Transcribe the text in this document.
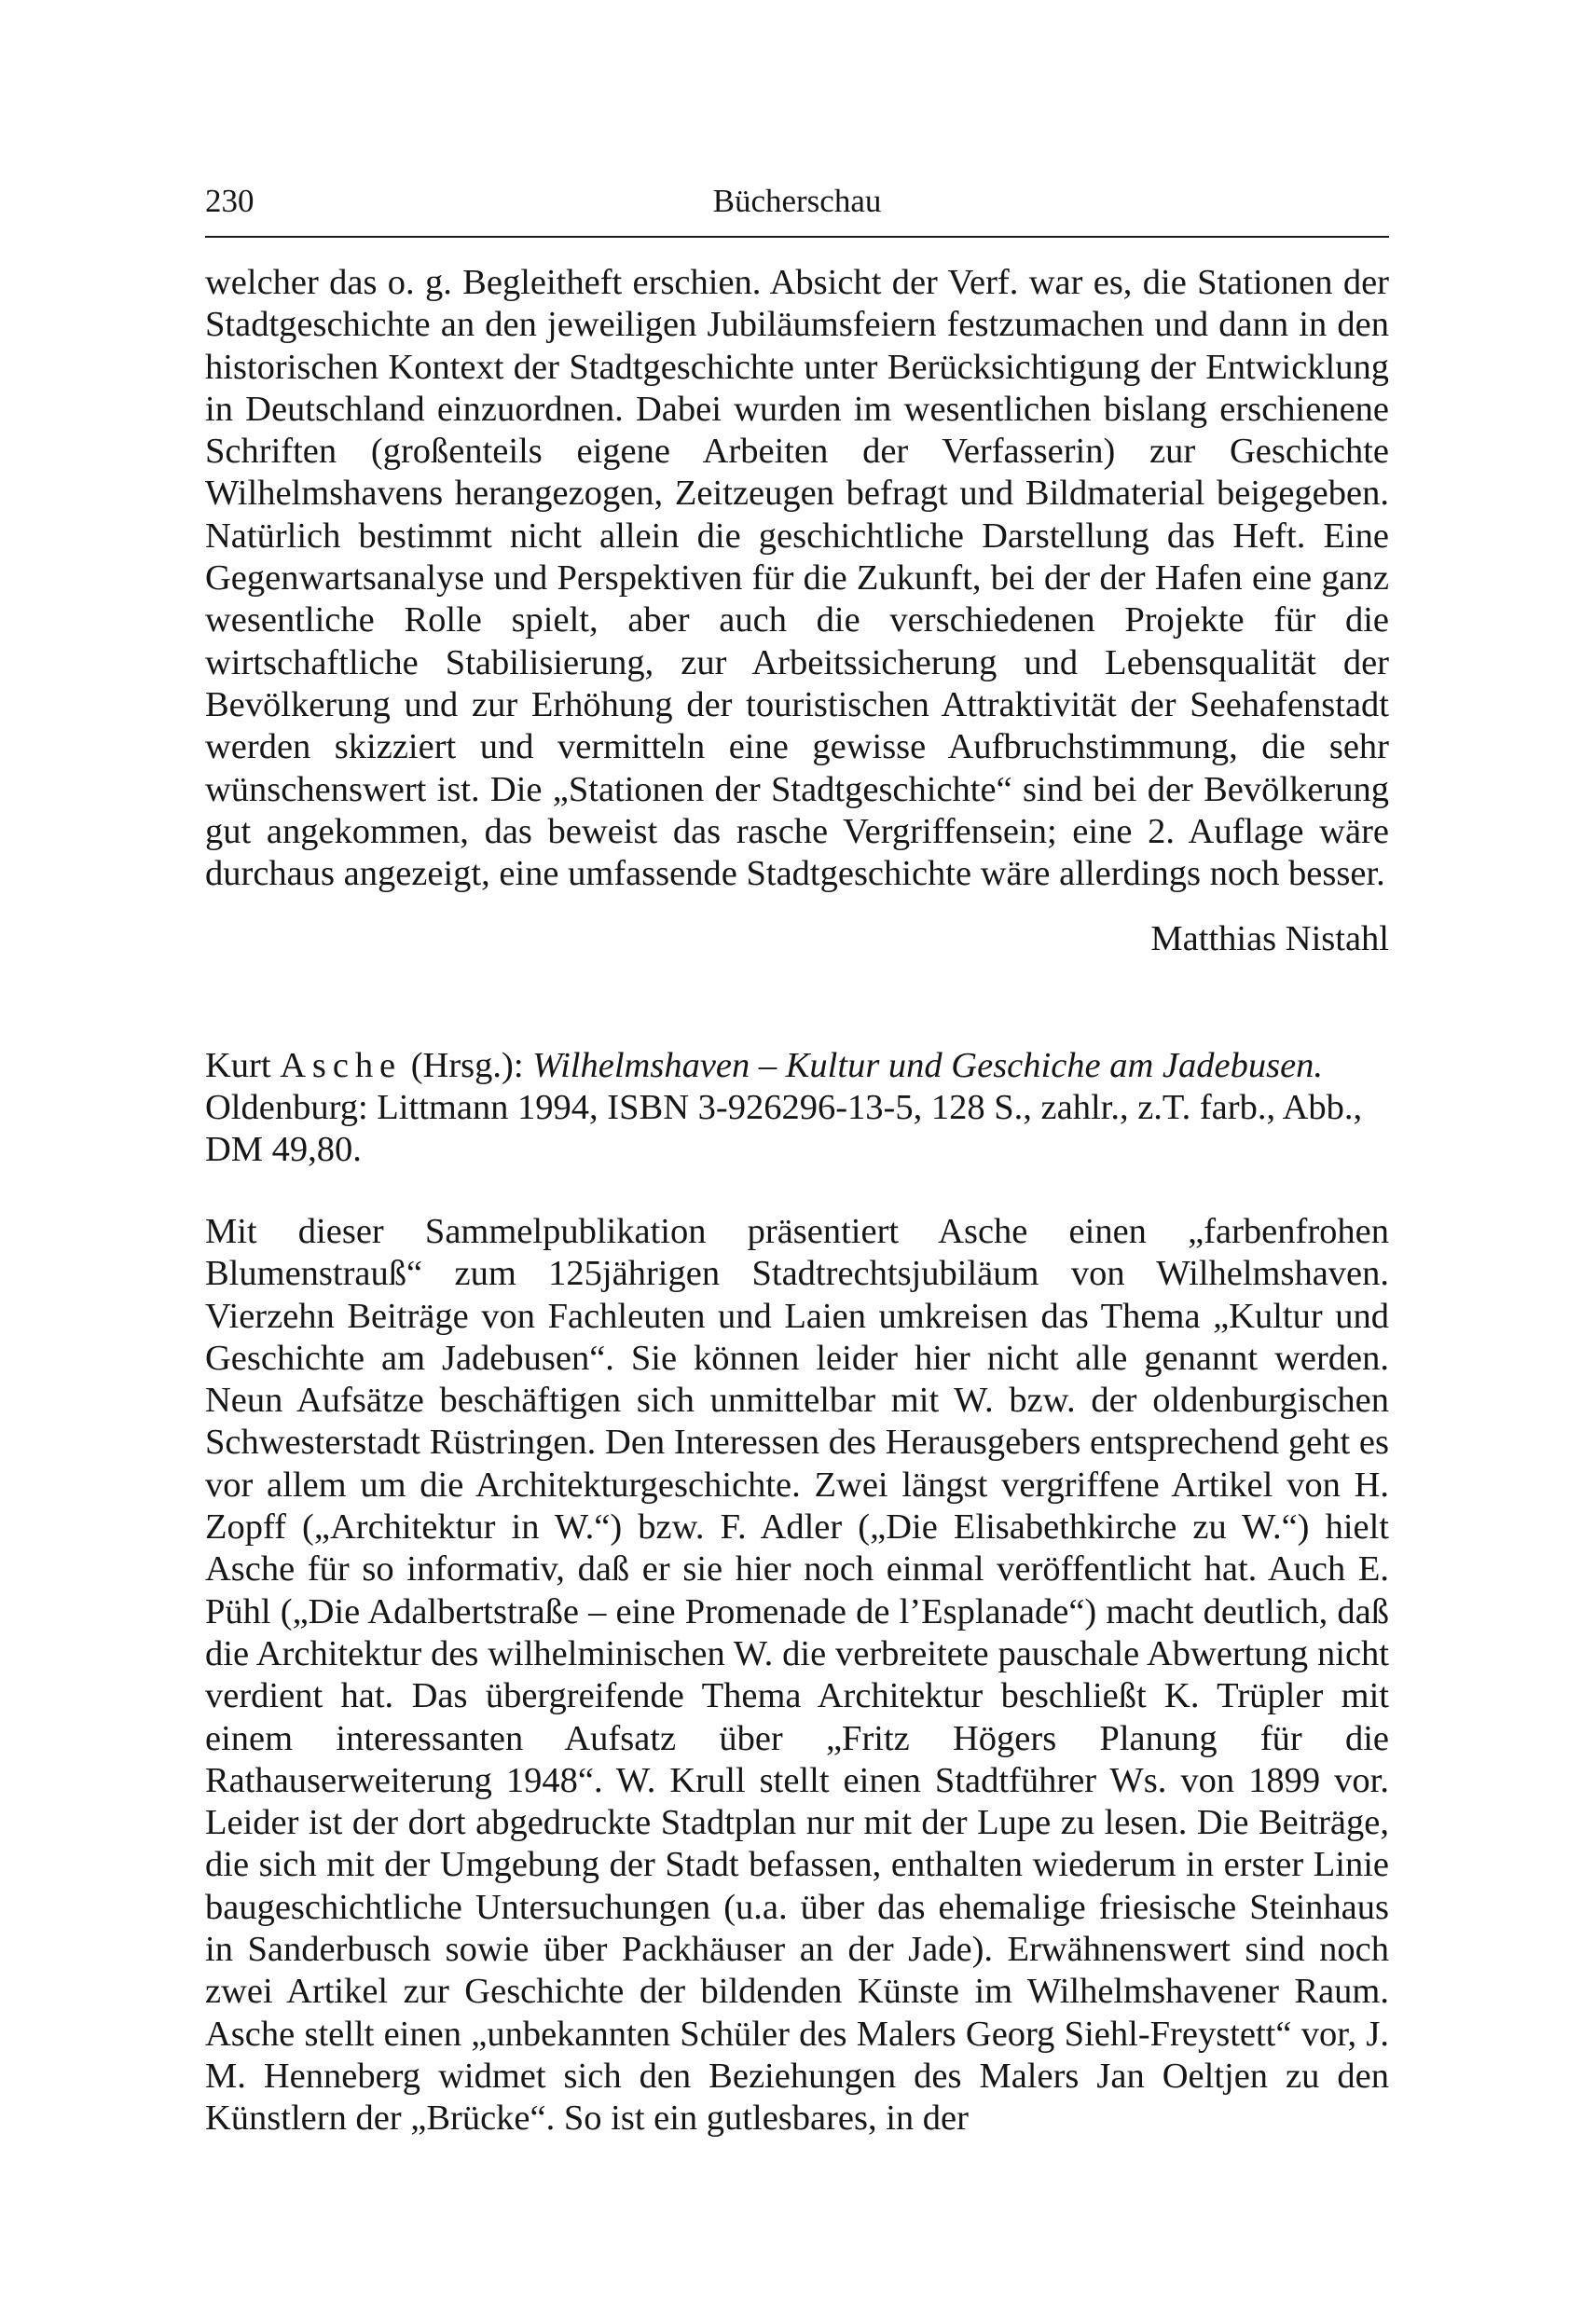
230	Bücherschau
welcher das o. g. Begleitheft erschien. Absicht der Verf. war es, die Stationen der Stadtgeschichte an den jeweiligen Jubiläumsfeiern festzumachen und dann in den historischen Kontext der Stadtgeschichte unter Berücksichtigung der Entwicklung in Deutschland einzuordnen. Dabei wurden im wesentlichen bislang erschienene Schriften (großenteils eigene Arbeiten der Verfasserin) zur Geschichte Wilhelmshavens herangezogen, Zeitzeugen befragt und Bildmaterial beigegeben. Natürlich bestimmt nicht allein die geschichtliche Darstellung das Heft. Eine Gegenwartsanalyse und Perspektiven für die Zukunft, bei der der Hafen eine ganz wesentliche Rolle spielt, aber auch die verschiedenen Projekte für die wirtschaftliche Stabilisierung, zur Arbeitssicherung und Lebensqualität der Bevölkerung und zur Erhöhung der touristischen Attraktivität der Seehafenstadt werden skizziert und vermitteln eine gewisse Aufbruchstimmung, die sehr wünschenswert ist. Die „Stationen der Stadtgeschichte“ sind bei der Bevölkerung gut angekommen, das beweist das rasche Vergriffensein; eine 2. Auflage wäre durchaus angezeigt, eine umfassende Stadtgeschichte wäre allerdings noch besser.
Matthias Nistahl
Kurt Asche (Hrsg.): Wilhelmshaven – Kultur und Geschiche am Jadebusen.
Oldenburg: Littmann 1994, ISBN 3-926296-13-5, 128 S., zahlr., z.T. farb., Abb.,
DM 49,80.
Mit dieser Sammelpublikation präsentiert Asche einen „farbenfrohen Blumenstrauß“ zum 125jährigen Stadtrechtsjubiläum von Wilhelmshaven. Vierzehn Beiträge von Fachleuten und Laien umkreisen das Thema „Kultur und Geschichte am Jadebusen“. Sie können leider hier nicht alle genannt werden. Neun Aufsätze beschäftigen sich unmittelbar mit W. bzw. der oldenburgischen Schwesterstadt Rüstringen. Den Interessen des Herausgebers entsprechend geht es vor allem um die Architekturgeschichte. Zwei längst vergriffene Artikel von H. Zopff („Architektur in W.“) bzw. F. Adler („Die Elisabethkirche zu W.“) hielt Asche für so informativ, daß er sie hier noch einmal veröffentlicht hat. Auch E. Pühl („Die Adalbertstraße – eine Promenade de l’Esplanade“) macht deutlich, daß die Architektur des wilhelminischen W. die verbreitete pauschale Abwertung nicht verdient hat. Das übergreifende Thema Architektur beschließt K. Trüpler mit einem interessanten Aufsatz über „Fritz Högers Planung für die Rathauserweiterung 1948“. W. Krull stellt einen Stadtführer Ws. von 1899 vor. Leider ist der dort abgedruckte Stadtplan nur mit der Lupe zu lesen. Die Beiträge, die sich mit der Umgebung der Stadt befassen, enthalten wiederum in erster Linie baugeschichtliche Untersuchungen (u.a. über das ehemalige friesische Steinhaus in Sanderbusch sowie über Packhäuser an der Jade). Erwähnenswert sind noch zwei Artikel zur Geschichte der bildenden Künste im Wilhelmshavener Raum. Asche stellt einen „unbekannten Schüler des Malers Georg Siehl-Freystett“ vor, J. M. Henneberg widmet sich den Beziehungen des Malers Jan Oeltjen zu den Künstlern der „Brücke“. So ist ein gutlesbares, in der
